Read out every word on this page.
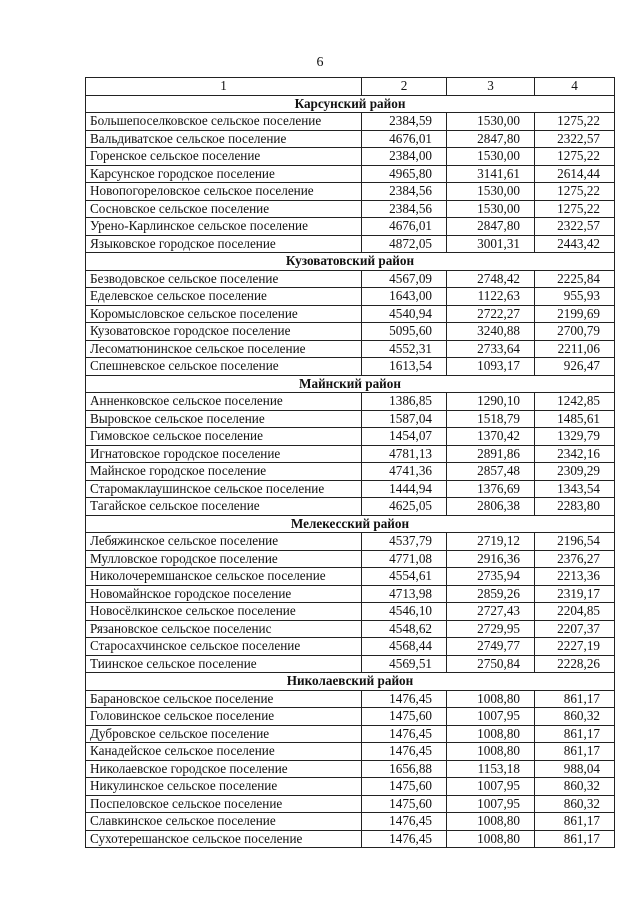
6
1	2	3	4
Карсунский район			
Большепоселковское сельское поселение	2384,59	1530,00	1275,22
Вальдиватское сельское поселение	4676,01	2847,80	2322,57
Горенское сельское поселение	2384,00	1530,00	1275,22
Карсунское городское поселение	4965,80	3141,61	2614,44
Новопогореловское сельское поселение	2384,56	1530,00	1275,22
Сосновское сельское поселение	2384,56	1530,00	1275,22
Урено-Карлинское сельское поселение	4676,01	2847,80	2322,57
Языковское городское поселение	4872,05	3001,31	2443,42
Кузоватовский район			
Безводовское сельское поселение	4567,09	2748,42	2225,84
Еделевское сельское поселение	1643,00	1122,63	955,93
Коромысловское сельское поселение	4540,94	2722,27	2199,69
Кузоватовское городское поселение	5095,60	3240,88	2700,79
Лесоматюнинское сельское поселение	4552,31	2733,64	2211,06
Спешневское сельское поселение	1613,54	1093,17	926,47
Майнский район			
Анненковское сельское поселение	1386,85	1290,10	1242,85
Выровское сельское поселение	1587,04	1518,79	1485,61
Гимовское сельское поселение	1454,07	1370,42	1329,79
Игнатовское городское поселение	4781,13	2891,86	2342,16
Майнское городское поселение	4741,36	2857,48	2309,29
Старомаклаушинское сельское поселение	1444,94	1376,69	1343,54
Тагайское сельское поселение	4625,05	2806,38	2283,80
Мелекесский район			
Лебяжинское сельское поселение	4537,79	2719,12	2196,54
Мулловское городское поселение	4771,08	2916,36	2376,27
Николочеремшанское сельское поселение	4554,61	2735,94	2213,36
Новомайнское городское поселение	4713,98	2859,26	2319,17
Новосёлкинское сельское поселение	4546,10	2727,43	2204,85
Рязановское сельское поселенис	4548,62	2729,95	2207,37
Старосахчинское сельское поселение	4568,44	2749,77	2227,19
Тиинское сельское поселение	4569,51	2750,84	2228,26
Николаевский район			
Барановское сельское поселение	1476,45	1008,80	861,17
Головинское сельское поселение	1475,60	1007,95	860,32
Дубровское сельское поселение	1476,45	1008,80	861,17
Канадейское сельское поселение	1476,45	1008,80	861,17
Николаевское городское поселение	1656,88	1153,18	988,04
Никулинское сельское поселение	1475,60	1007,95	860,32
Поспеловское сельское поселение	1475,60	1007,95	860,32
Славкинское сельское поселение	1476,45	1008,80	861,17
Сухотерешанское сельское поселение	1476,45	1008,80	861,17
